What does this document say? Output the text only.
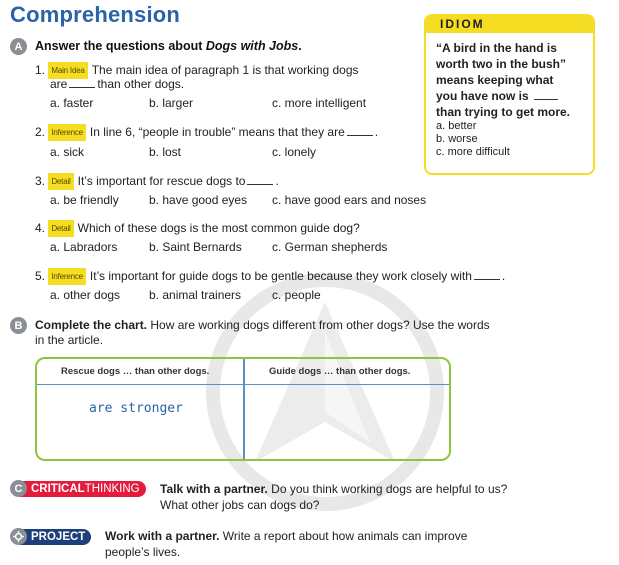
Comprehension
A	Answer the questions about Dogs with Jobs.
1. Main Idea The main idea of paragraph 1 is that working dogs
are	than other dogs.
a. faster	b. larger	c. more intelligent
2. Inference In line 6, “people in trouble” means that they are	.
a. sick	b. lost	c. lonely
3. Detail It’s important for rescue dogs to	.
a. be friendly	b. have good eyes c. have good ears and noses
4. Detail Which of these dogs is the most common guide dog?
a. Labradors	b. Saint Bernards	c. German shepherds
5. Inference It’s important for guide dogs to be gentle because they work closely with	.
a. other dogs b. animal trainers	c. people
IDIOM
“A bird in the hand is
worth two in the bush”
means keeping what
you have now is
than trying to get more.
a. better
b. worse
c. more difficult
B	Complete the chart. How are working dogs different from other dogs? Use the words
in the article.
Rescue dogs … than other dogs.	Guide dogs … than other dogs.
are stronger
C CRITICALTHINKING	Talk with a partner. Do you think working dogs are helpful to us?
What other jobs can dogs do?
PROJECT	Work with a partner. Write a report about how animals can improve
people’s lives.
